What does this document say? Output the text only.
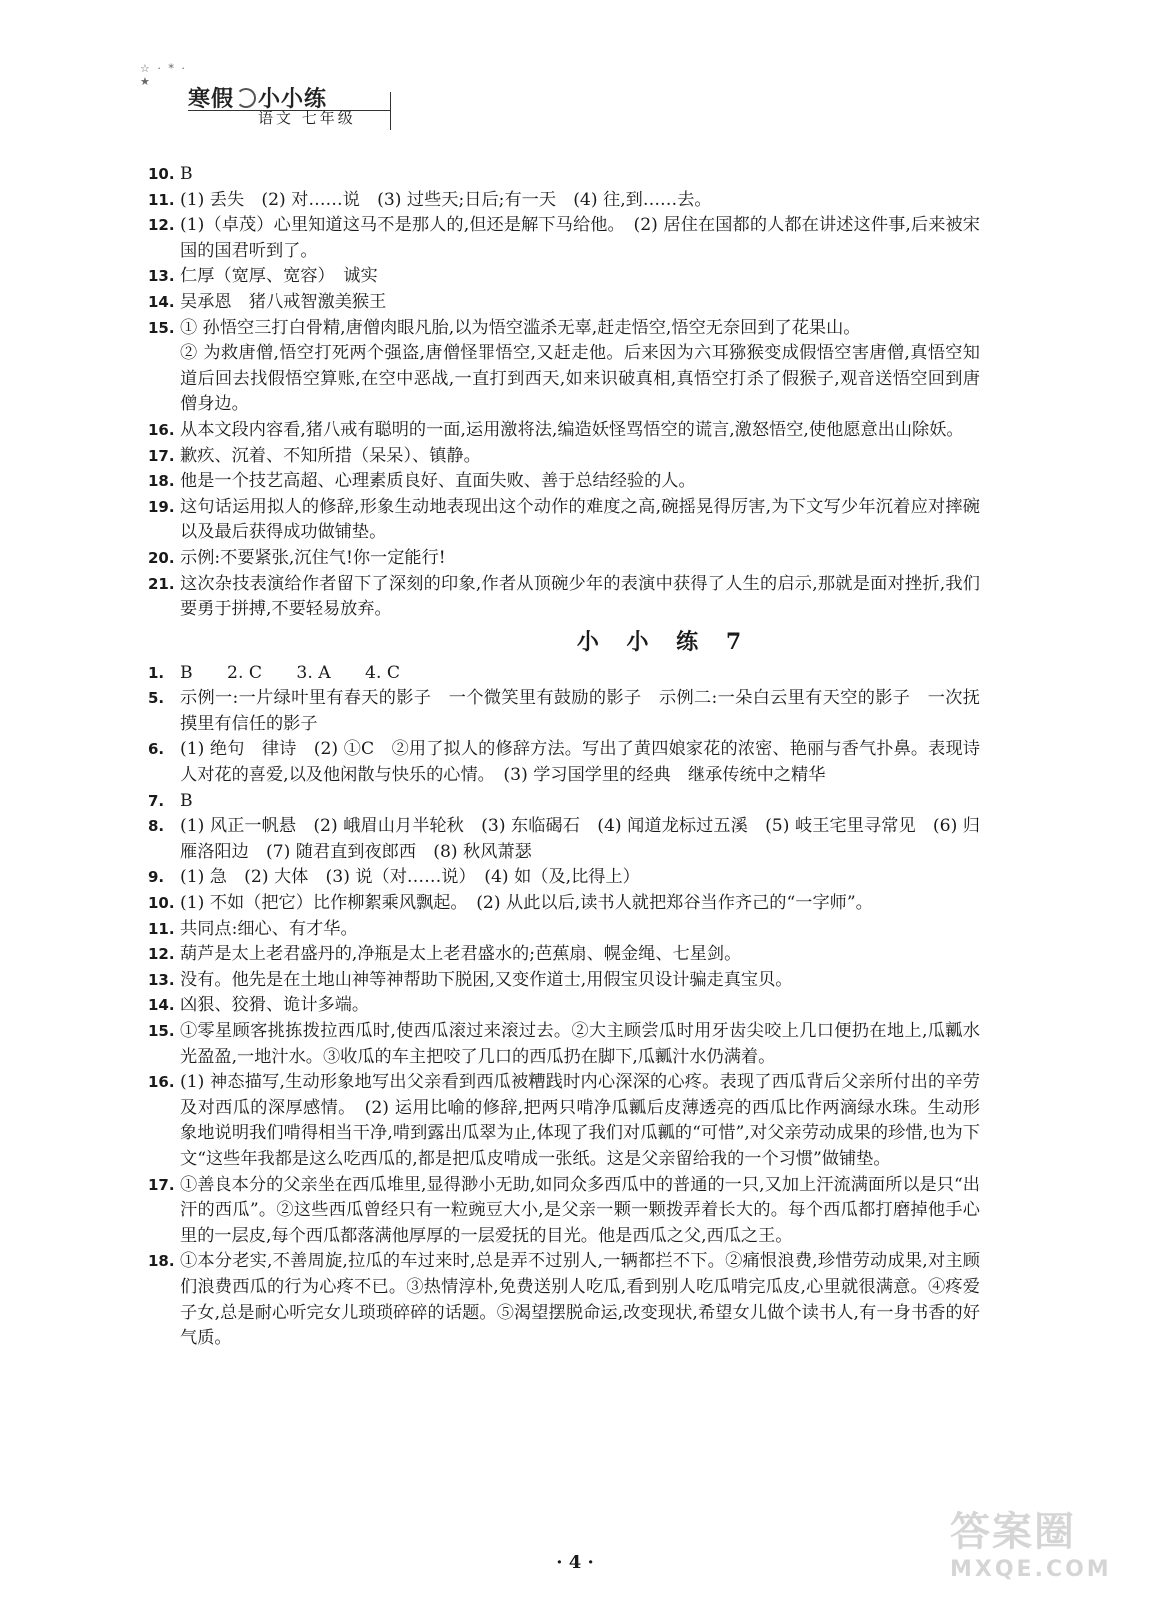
☆ · * · ★
寒假 小小练
语文 七年级
10. B

11. (1) 丢失　(2) 对……说　(3) 过些天;日后;有一天　(4) 往,到……去。

12. (1)（卓茂）心里知道这马不是那人的,但还是解下马给他。　(2) 居住在国都的人都在讲述这件事,后来被宋国的国君听到了。

13. 仁厚（宽厚、宽容）　诚实

14. 吴承恩　猪八戒智激美猴王

15. ① 孙悟空三打白骨精,唐僧肉眼凡胎,以为悟空滥杀无辜,赶走悟空,悟空无奈回到了花果山。

② 为救唐僧,悟空打死两个强盗,唐僧怪罪悟空,又赶走他。后来因为六耳猕猴变成假悟空害唐僧,真悟空知道后回去找假悟空算账,在空中恶战,一直打到西天,如来识破真相,真悟空打杀了假猴子,观音送悟空回到唐僧身边。

16. 从本文段内容看,猪八戒有聪明的一面,运用激将法,编造妖怪骂悟空的谎言,激怒悟空,使他愿意出山除妖。

17. 歉疚、沉着、不知所措（呆呆）、镇静。

18. 他是一个技艺高超、心理素质良好、直面失败、善于总结经验的人。

19. 这句话运用拟人的修辞,形象生动地表现出这个动作的难度之高,碗摇晃得厉害,为下文写少年沉着应对摔碗以及最后获得成功做铺垫。

20. 示例:不要紧张,沉住气!你一定能行!

21. 这次杂技表演给作者留下了深刻的印象,作者从顶碗少年的表演中获得了人生的启示,那就是面对挫折,我们要勇于拼搏,不要轻易放弃。

小 小 练 7
1. B　　2. C　　3. A　　4. C

5. 示例一:一片绿叶里有春天的影子　一个微笑里有鼓励的影子　示例二:一朵白云里有天空的影子　一次抚摸里有信任的影子

6. (1) 绝句　律诗　(2) ①C　②用了拟人的修辞方法。写出了黄四娘家花的浓密、艳丽与香气扑鼻。表现诗人对花的喜爱,以及他闲散与快乐的心情。　(3) 学习国学里的经典　继承传统中之精华

7. B

8. (1) 风正一帆悬　(2) 峨眉山月半轮秋　(3) 东临碣石　(4) 闻道龙标过五溪　(5) 岐王宅里寻常见　(6) 归雁洛阳边　(7) 随君直到夜郎西　(8) 秋风萧瑟

9. (1) 急　(2) 大体　(3) 说（对……说）　(4) 如（及,比得上）

10. (1) 不如（把它）比作柳絮乘风飘起。　(2) 从此以后,读书人就把郑谷当作齐己的“一字师”。

11. 共同点:细心、有才华。

12. 葫芦是太上老君盛丹的,净瓶是太上老君盛水的;芭蕉扇、幌金绳、七星剑。

13. 没有。他先是在土地山神等神帮助下脱困,又变作道士,用假宝贝设计骗走真宝贝。

14. 凶狠、狡猾、诡计多端。

15. ①零星顾客挑拣拨拉西瓜时,使西瓜滚过来滚过去。②大主顾尝瓜时用牙齿尖咬上几口便扔在地上,瓜瓤水光盈盈,一地汁水。③收瓜的车主把咬了几口的西瓜扔在脚下,瓜瓤汁水仍满着。

16. (1) 神态描写,生动形象地写出父亲看到西瓜被糟践时内心深深的心疼。表现了西瓜背后父亲所付出的辛劳及对西瓜的深厚感情。　(2) 运用比喻的修辞,把两只啃净瓜瓤后皮薄透亮的西瓜比作两滴绿水珠。生动形象地说明我们啃得相当干净,啃到露出瓜翠为止,体现了我们对瓜瓤的“可惜”,对父亲劳动成果的珍惜,也为下文“这些年我都是这么吃西瓜的,都是把瓜皮啃成一张纸。这是父亲留给我的一个习惯”做铺垫。

17. ①善良本分的父亲坐在西瓜堆里,显得渺小无助,如同众多西瓜中的普通的一只,又加上汗流满面所以是只“出汗的西瓜”。②这些西瓜曾经只有一粒豌豆大小,是父亲一颗一颗拨弄着长大的。每个西瓜都打磨掉他手心里的一层皮,每个西瓜都落满他厚厚的一层爱抚的目光。他是西瓜之父,西瓜之王。

18. ①本分老实,不善周旋,拉瓜的车过来时,总是弄不过别人,一辆都拦不下。②痛恨浪费,珍惜劳动成果,对主顾们浪费西瓜的行为心疼不已。③热情淳朴,免费送别人吃瓜,看到别人吃瓜啃完瓜皮,心里就很满意。④疼爱子女,总是耐心听完女儿琐琐碎碎的话题。⑤渴望摆脱命运,改变现状,希望女儿做个读书人,有一身书香的好气质。

· 4 ·
答案圈
MXQE.COM
